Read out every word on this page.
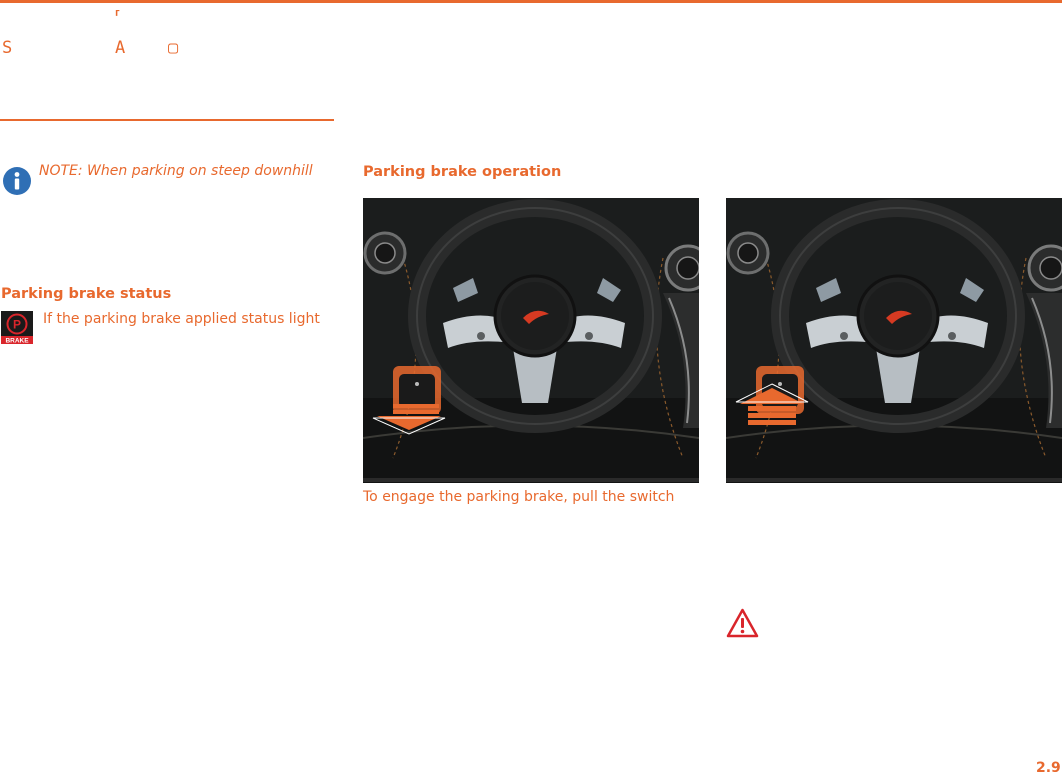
⸢
S	A	▢
NOTE: When parking on steep downhill
Parking brake status
P
BRAKE
If the parking brake applied status light
Parking brake operation
To engage the parking brake, pull the switch
2.9
